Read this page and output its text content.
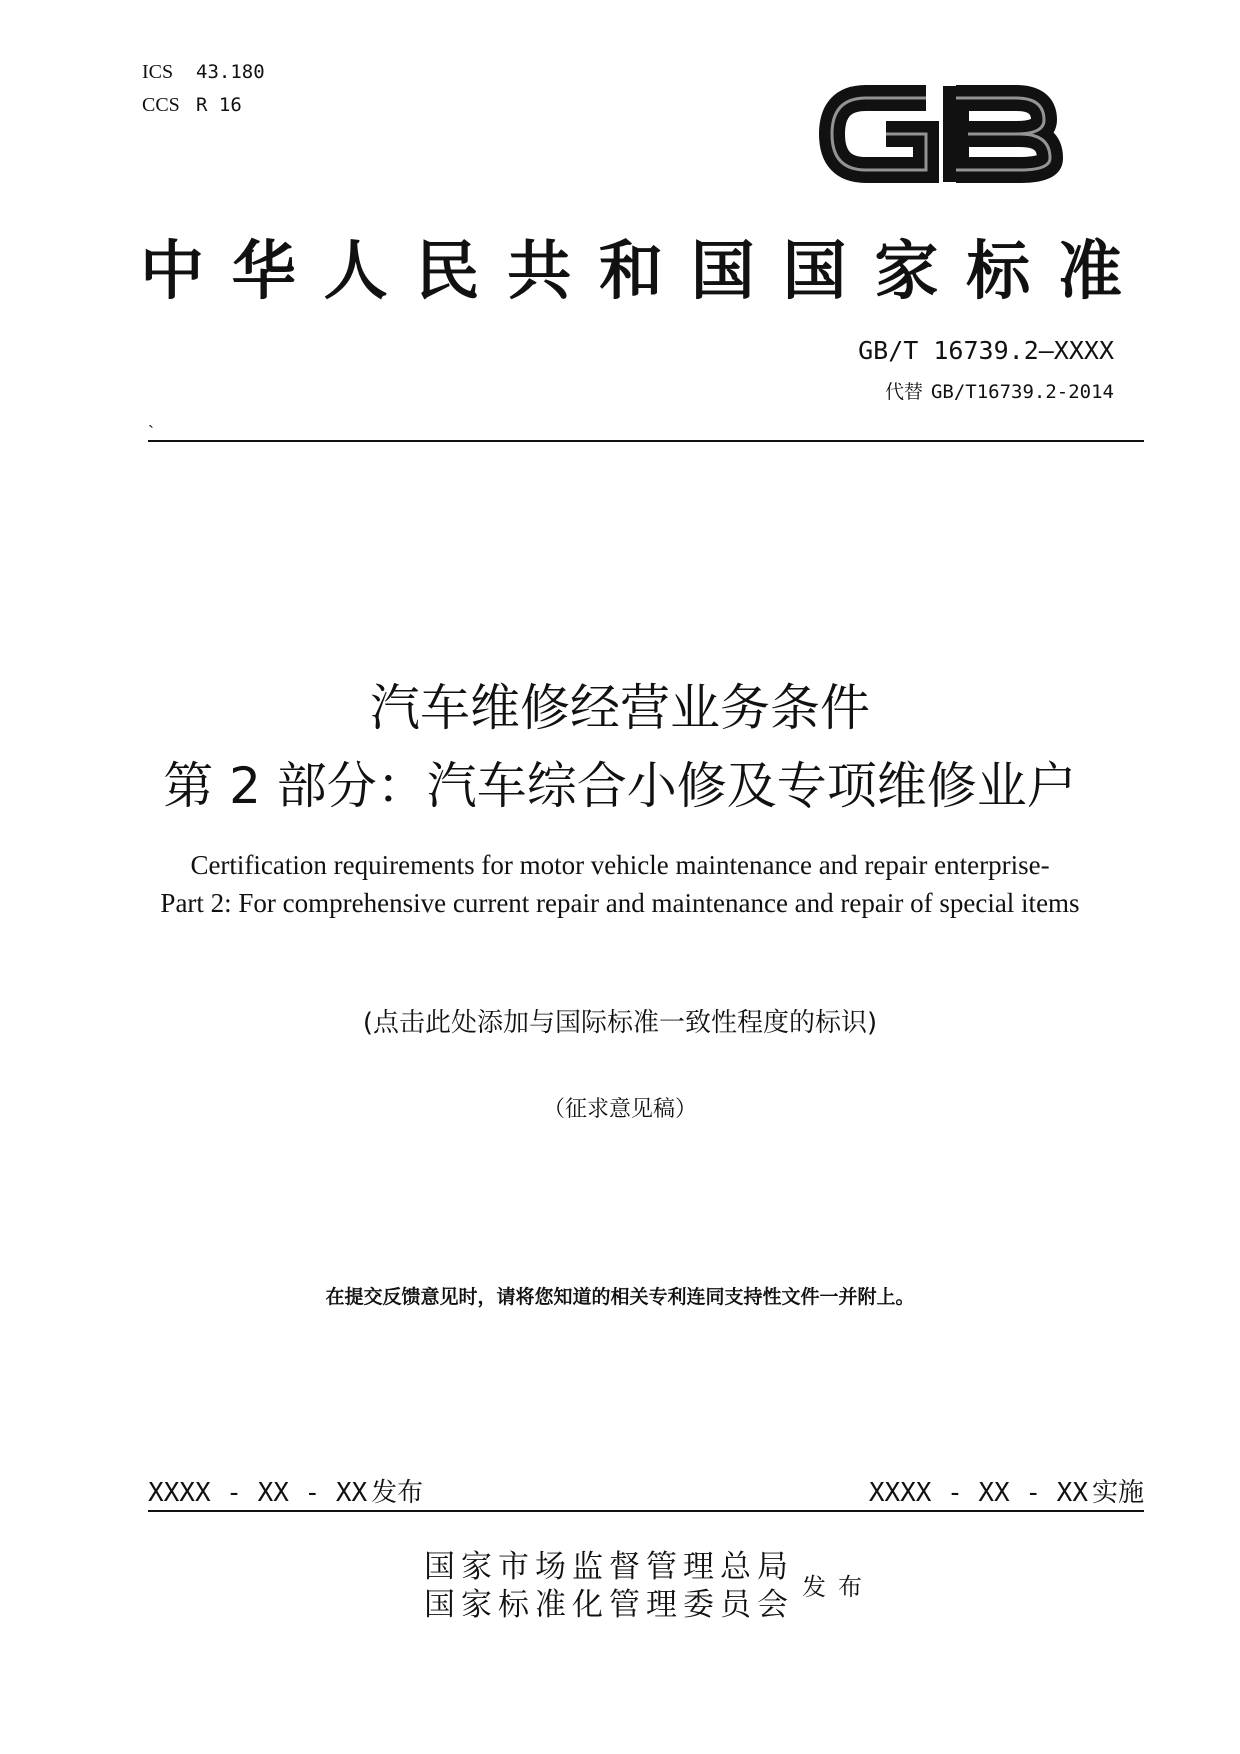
ICS 43.180
CCS R 16
中华人民共和国国家标准
GB/T 16739.2—XXXX
代替 GB/T16739.2-2014
`
汽车维修经营业务条件
第 2 部分：汽车综合小修及专项维修业户
Certification requirements for motor vehicle maintenance and repair enterprise-
Part 2: For comprehensive current repair and maintenance and repair of special items
(点击此处添加与国际标准一致性程度的标识)
（征求意见稿）
在提交反馈意见时，请将您知道的相关专利连同支持性文件一并附上。
XXXX - XX - XX 发布	XXXX - XX - XX 实施
国家市场监督管理总局
国家标准化管理委员会 发布
